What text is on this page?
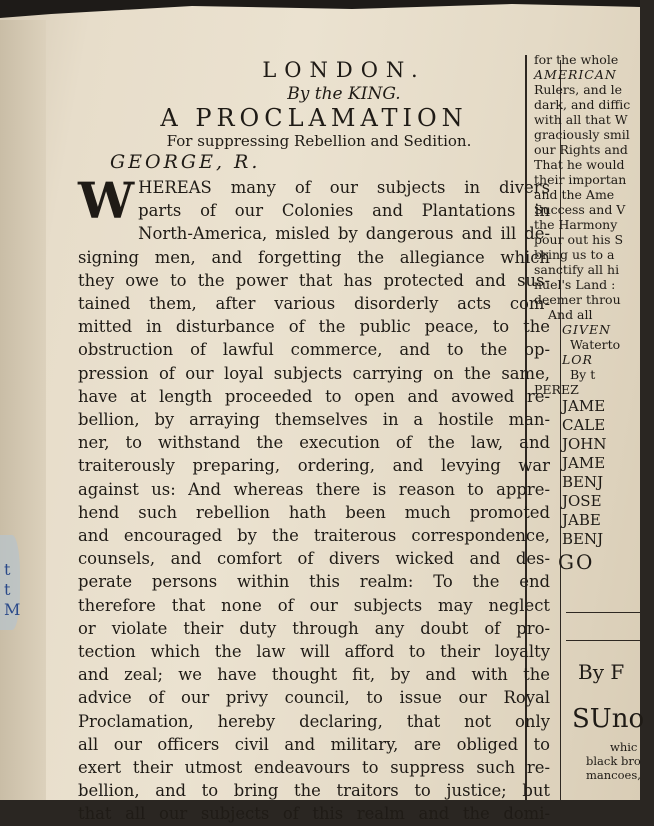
t
t
M
LONDON.
By the KING.
A PROCLAMATION
For suppressing Rebellion and Sedition.
GEORGE, R.
W HEREAS many of our subjects in divers
parts of our Colonies and Plantations in
North-America, misled by dangerous and ill de-
signing men, and forgetting the allegiance which
they owe to the power that has protected and sus-
tained them, after various disorderly acts com-
mitted in disturbance of the public peace, to the
obstruction of lawful commerce, and to the op-
pression of our loyal subjects carrying on the same,
have at length proceeded to open and avowed re-
bellion, by arraying themselves in a hostile man-
ner, to withstand the execution of the law, and
traiterously preparing, ordering, and levying war
against us: And whereas there is reason to appre-
hend such rebellion hath been much promoted
and encouraged by the traiterous correspondence,
counsels, and comfort of divers wicked and des-
perate persons within this realm: To the end
therefore that none of our subjects may neglect
or violate their duty through any doubt of pro-
tection which the law will afford to their loyalty
and zeal; we have thought fit, by and with the
advice of our privy council, to issue our Royal
Proclamation, hereby declaring, that not only
all our officers civil and military, are obliged to
exert their utmost endeavours to suppress such re-
bellion, and to bring the traitors to justice; but
that all our subjects of this realm and the domi-
for the whole
AMERICAN
Rulers, and le
dark, and diffic
with all that W
graciously smil
our Rights and
That he would
their importan
and the Ame
Success and V
the Harmony
pour out his S
bring us to a
sanctify all hi
nuel's Land :
deemer throu
And all
GIVEN
Waterto
LOR
By t
PEREZ
JAME
CALE
JOHN
JAME
BENJ
JOSE
JABE
BENJ
GO
By F
SUno
whic
black bro
mancoes,
